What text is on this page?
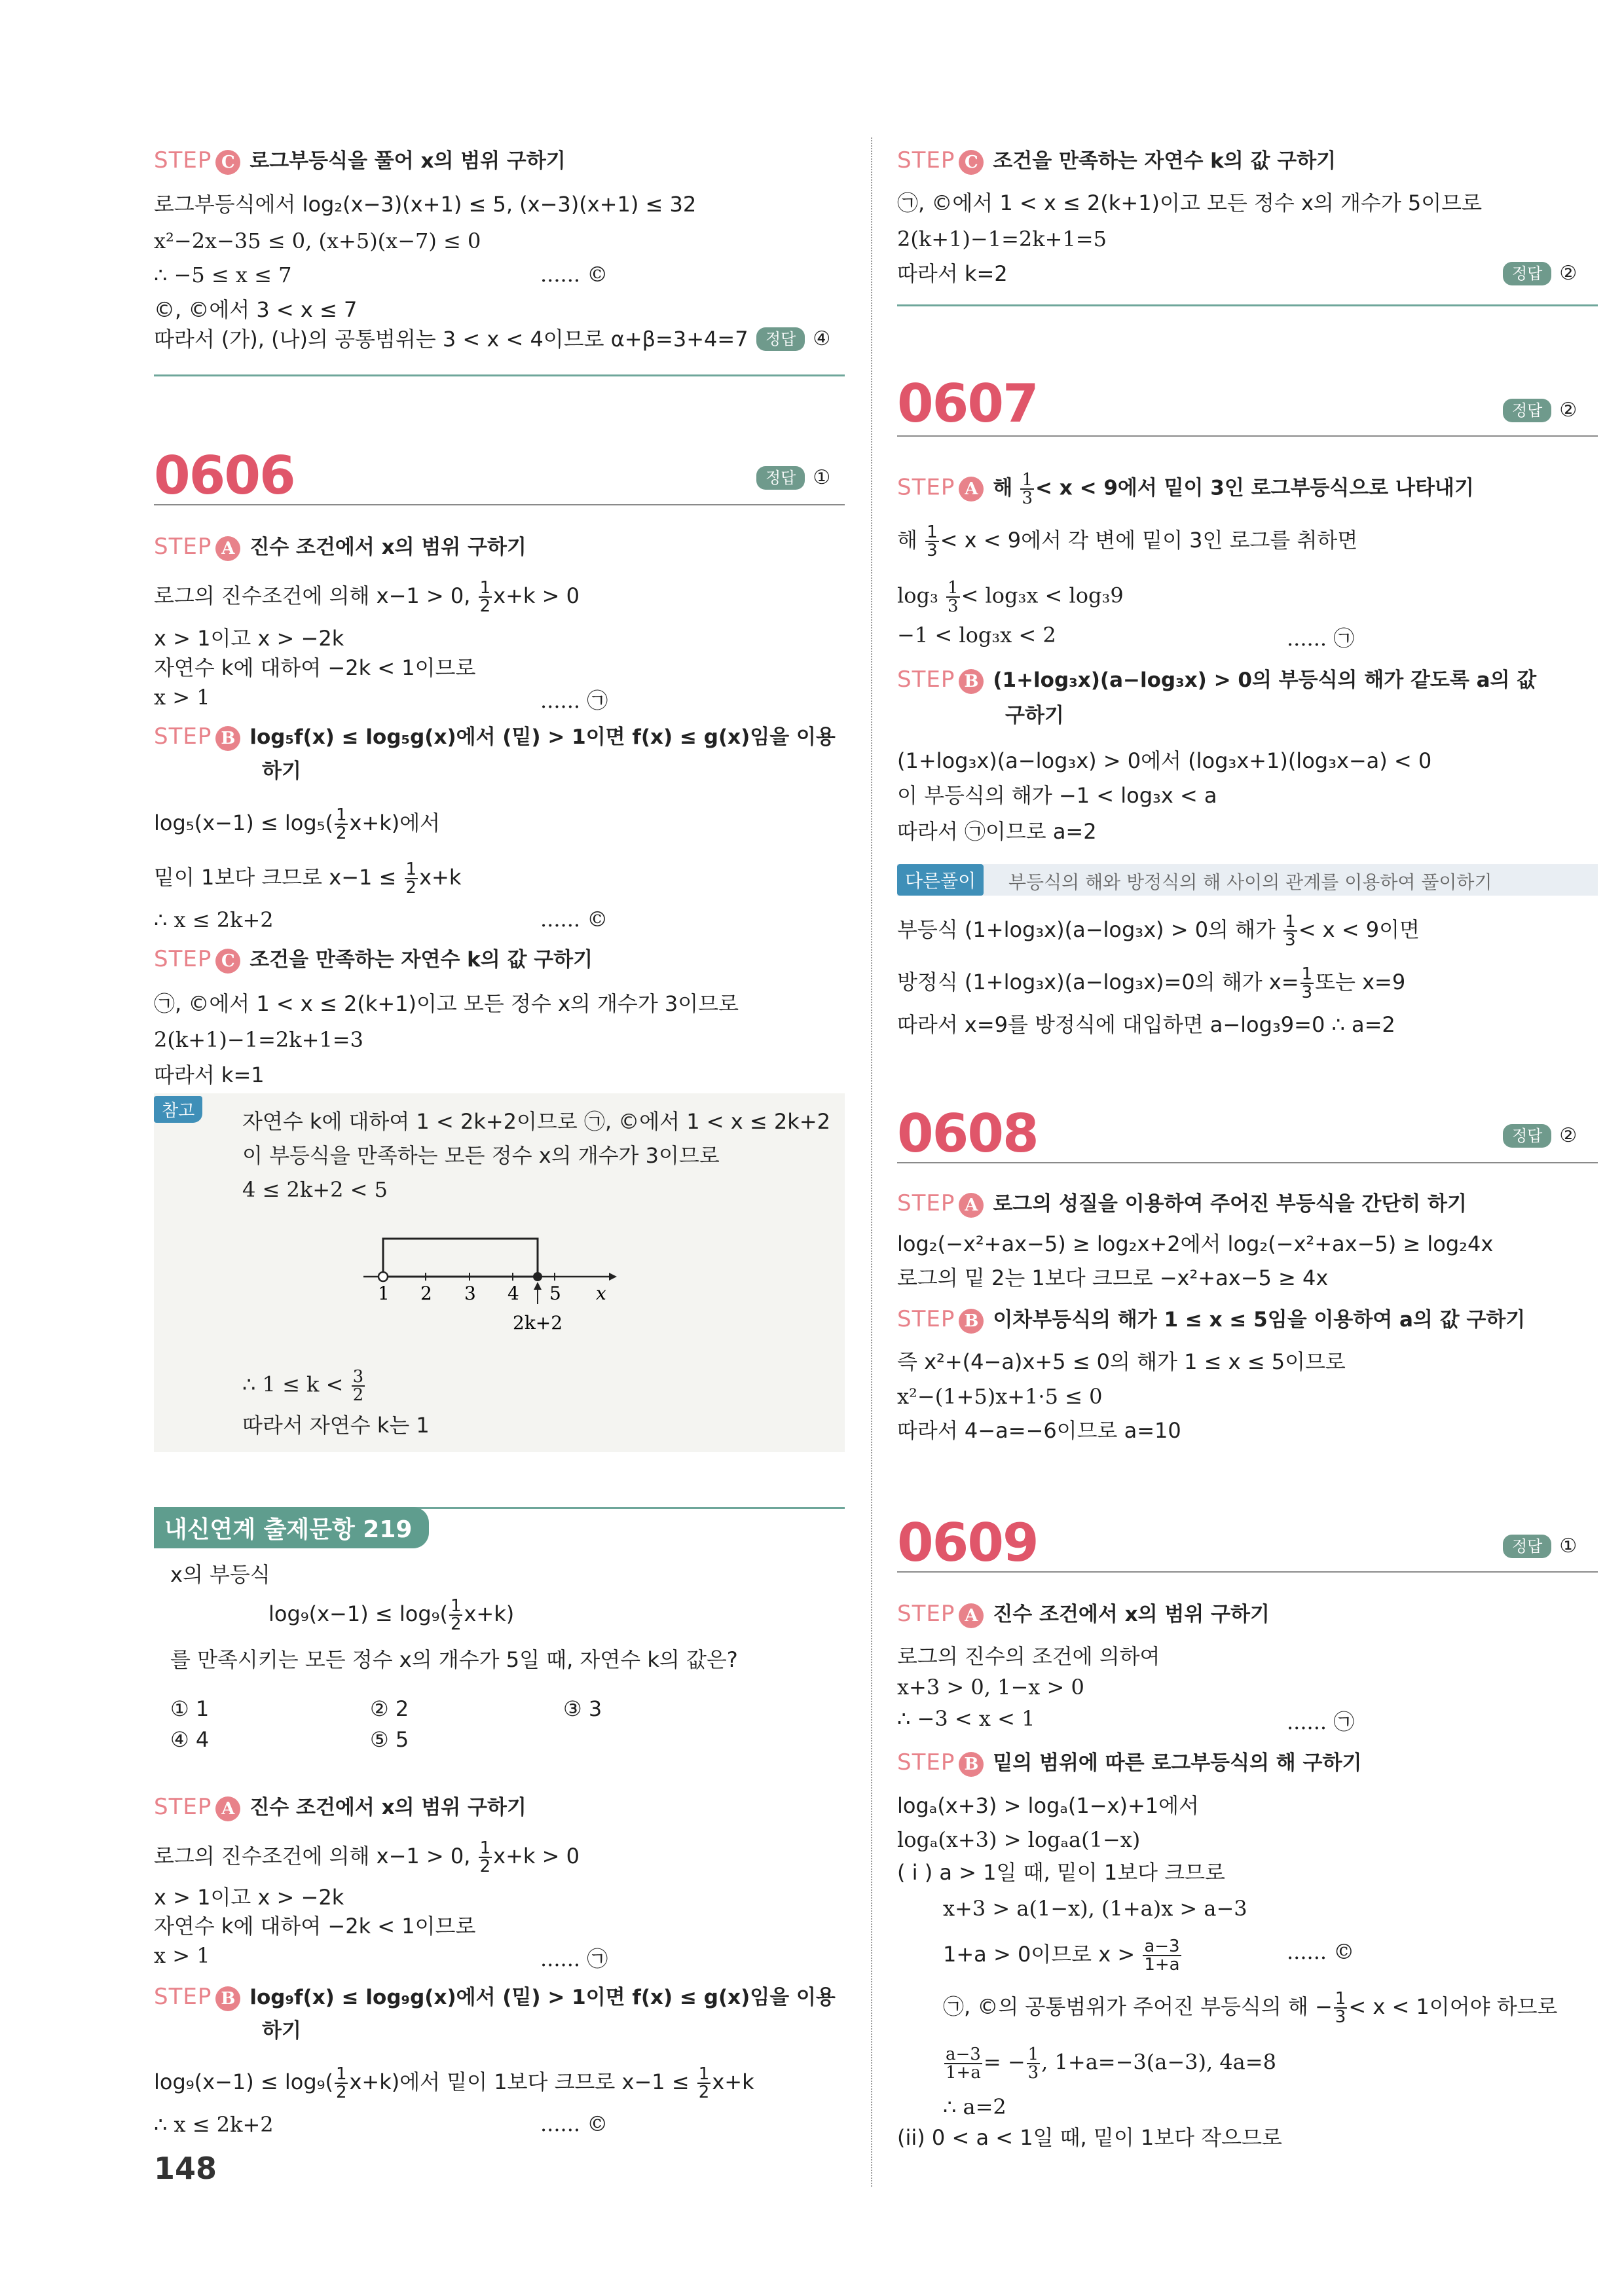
STEP C 로그부등식을 풀어 x의 범위 구하기
로그부등식에서 log₂(x−3)(x+1) ≤ 5, (x−3)(x+1) ≤ 32
x²−2x−35 ≤ 0, (x+5)(x−7) ≤ 0
∴ −5 ≤ x ≤ 7	...... ©
©, ©에서 3 < x ≤ 7
따라서 (가), (나)의 공통범위는 3 < x < 4이므로 α+β=3+4=7	정답 ④
0606	정답 ①
STEP A 진수 조건에서 x의 범위 구하기
로그의 진수조건에 의해 x−1 > 0, $\frac{1}{2} x+k > 0$
x > 1이고 x > −2k
자연수 k에 대하여 −2k < 1이므로
x > 1	...... ㉠
STEP B log₅f(x) ≤ log₅g(x)에서 (밑) > 1이면 f(x) ≤ g(x)임을 이용
하기
$\log_5(x-1) \le \log_5( \frac{1}{2} x+k)$에서
밑이 1보다 크므로 $x-1 \le \frac{1}{2} x+k$
∴ x ≤ 2k+2	...... ©
STEP C 조건을 만족하는 자연수 k의 값 구하기
㉠, ©에서 1 < x ≤ 2(k+1)이고 모든 정수 x의 개수가 3이므로
2(k+1)−1=2k+1=3
따라서 k=1
참고	자연수 k에 대하여 1 < 2k+2이므로 ㉠, ©에서 1 < x ≤ 2k+2
이 부등식을 만족하는 모든 정수 x의 개수가 3이므로
4 ≤ 2k+2 < 5
1 2 3 4 5 x
2k+2
∴ $1 \le k < \frac{3}{2}$
따라서 자연수 k는 1
내신연계 출제문항 219
x의 부등식
$\log_9(x-1) \le \log_9( \frac{1}{2} x+k)$
를 만족시키는 모든 정수 x의 개수가 5일 때, 자연수 k의 값은?
① 1	② 2	③ 3
④ 4	⑤ 5
STEP A 진수 조건에서 x의 범위 구하기
로그의 진수조건에 의해 x−1 > 0, $\frac{1}{2} x+k > 0$
x > 1이고 x > −2k
자연수 k에 대하여 −2k < 1이므로
x > 1	...... ㉠
STEP B log₉f(x) ≤ log₉g(x)에서 (밑) > 1이면 f(x) ≤ g(x)임을 이용
하기
$\log_9(x-1) \le \log_9( \frac{1}{2} x+k)$에서 밑이 1보다 크므로 $x-1 \le \frac{1}{2} x+k$
∴ x ≤ 2k+2	...... ©
148
STEP C 조건을 만족하는 자연수 k의 값 구하기
㉠, ©에서 1 < x ≤ 2(k+1)이고 모든 정수 x의 개수가 5이므로
2(k+1)−1=2k+1=5
따라서 k=2	정답 ②
0607	정답 ②
STEP A 해 $\frac{1}{3} < x < 9$에서 밑이 3인 로그부등식으로 나타내기
해 $\frac{1}{3} < x < 9$에서 각 변에 밑이 3인 로그를 취하면
$\log_3 \frac{1}{3} < \log_3x < \log_39$
−1 < log₃x < 2	...... ㉠
STEP B (1+log₃x)(a−log₃x) > 0의 부등식의 해가 같도록 a의 값
구하기
(1+log₃x)(a−log₃x) > 0에서 (log₃x+1)(log₃x−a) < 0
이 부등식의 해가 −1 < log₃x < a
따라서 ㉠이므로 a=2
다른풀이	부등식의 해와 방정식의 해 사이의 관계를 이용하여 풀이하기
부등식 (1+log₃x)(a−log₃x) > 0의 해가 $\frac{1}{3} < x < 9$이면
방정식 (1+log₃x)(a−log₃x)=0의 해가 $x= \frac{1}{3}$ 또는 x=9
따라서 x=9를 방정식에 대입하면 a−log₃9=0 ∴ a=2
0608	정답 ②
STEP A 로그의 성질을 이용하여 주어진 부등식을 간단히 하기
log₂(−x²+ax−5) ≥ log₂x+2에서 log₂(−x²+ax−5) ≥ log₂4x
로그의 밑 2는 1보다 크므로 −x²+ax−5 ≥ 4x
STEP B 이차부등식의 해가 1 ≤ x ≤ 5임을 이용하여 a의 값 구하기
즉 x²+(4−a)x+5 ≤ 0의 해가 1 ≤ x ≤ 5이므로
x²−(1+5)x+1·5 ≤ 0
따라서 4−a=−6이므로 a=10
0609	정답 ①
STEP A 진수 조건에서 x의 범위 구하기
로그의 진수의 조건에 의하여
x+3 > 0, 1−x > 0
∴ −3 < x < 1	...... ㉠
STEP B 밑의 범위에 따른 로그부등식의 해 구하기
logₐ(x+3) > logₐ(1−x)+1에서
logₐ(x+3) > logₐa(1−x)
( i ) a > 1일 때, 밑이 1보다 크므로
x+3 > a(1−x), (1+a)x > a−3
1+a > 0이므로 $x > \frac{a-3}{1+a}$	...... ©
㉠, ©의 공통범위가 주어진 부등식의 해 − $\frac{1}{3} < x < 1$이어야 하므로
$\frac{a-3}{1+a}$ = − $\frac{1}{3}$ , 1+a=−3(a−3), 4a=8
∴ a=2
(ii) 0 < a < 1일 때, 밑이 1보다 작으므로
